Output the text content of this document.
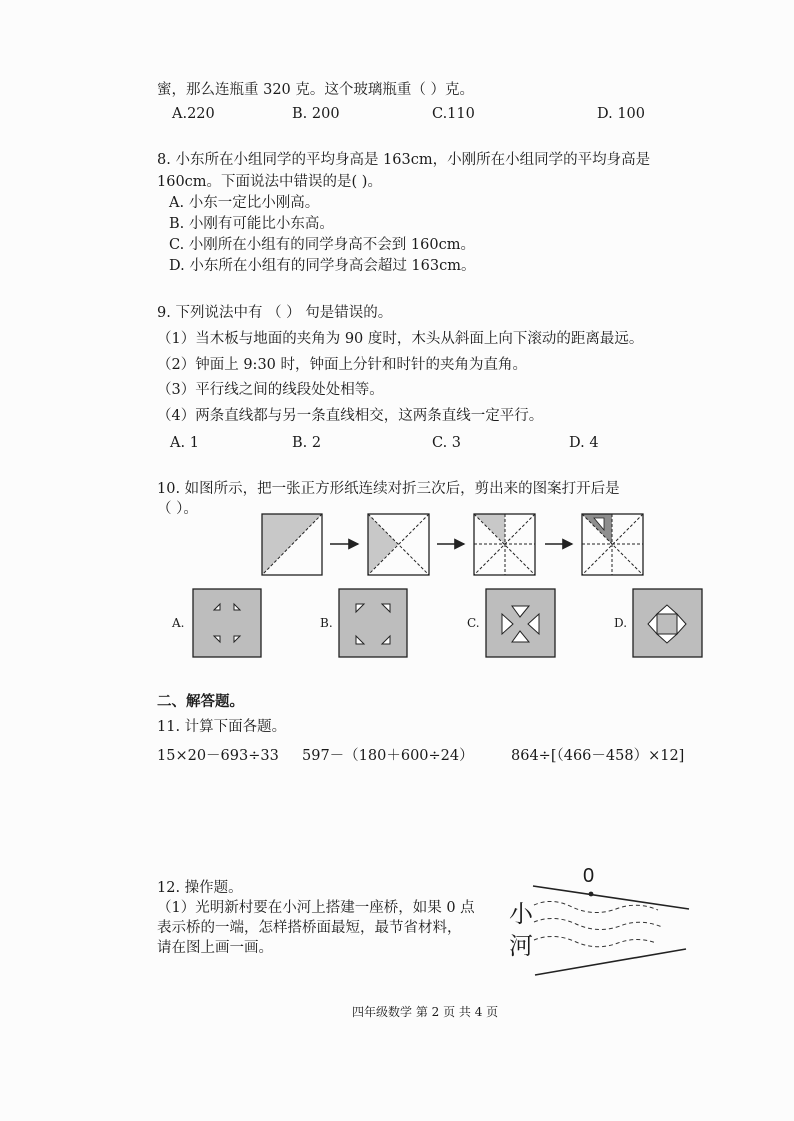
蜜，那么连瓶重 320 克。这个玻璃瓶重（ ）克。
A.220	B. 200	C.110	D. 100
8. 小东所在小组同学的平均身高是 163cm，小刚所在小组同学的平均身高是
160cm。下面说法中错误的是( )。
A. 小东一定比小刚高。
B. 小刚有可能比小东高。
C. 小刚所在小组有的同学身高不会到 160cm。
D. 小东所在小组有的同学身高会超过 163cm。
9. 下列说法中有 （ ） 句是错误的。
（1）当木板与地面的夹角为 90 度时，木头从斜面上向下滚动的距离最远。
（2）钟面上 9:30 时，钟面上分针和时针的夹角为直角。
（3）平行线之间的线段处处相等。
（4）两条直线都与另一条直线相交，这两条直线一定平行。
A. 1	B. 2	C. 3	D. 4
10. 如图所示，把一张正方形纸连续对折三次后，剪出来的图案打开后是
（ ）。
A.	B.	C.	D.
二、解答题。
11. 计算下面各题。
15×20－693÷33 597－（180＋600÷24）	864÷[（466－458）×12]
12. 操作题。
（1）光明新村要在小河上搭建一座桥，如果 0 点
表示桥的一端，怎样搭桥面最短，最节省材料，
请在图上画一画。
0
小
河
四年级数学 第 2 页 共 4 页
